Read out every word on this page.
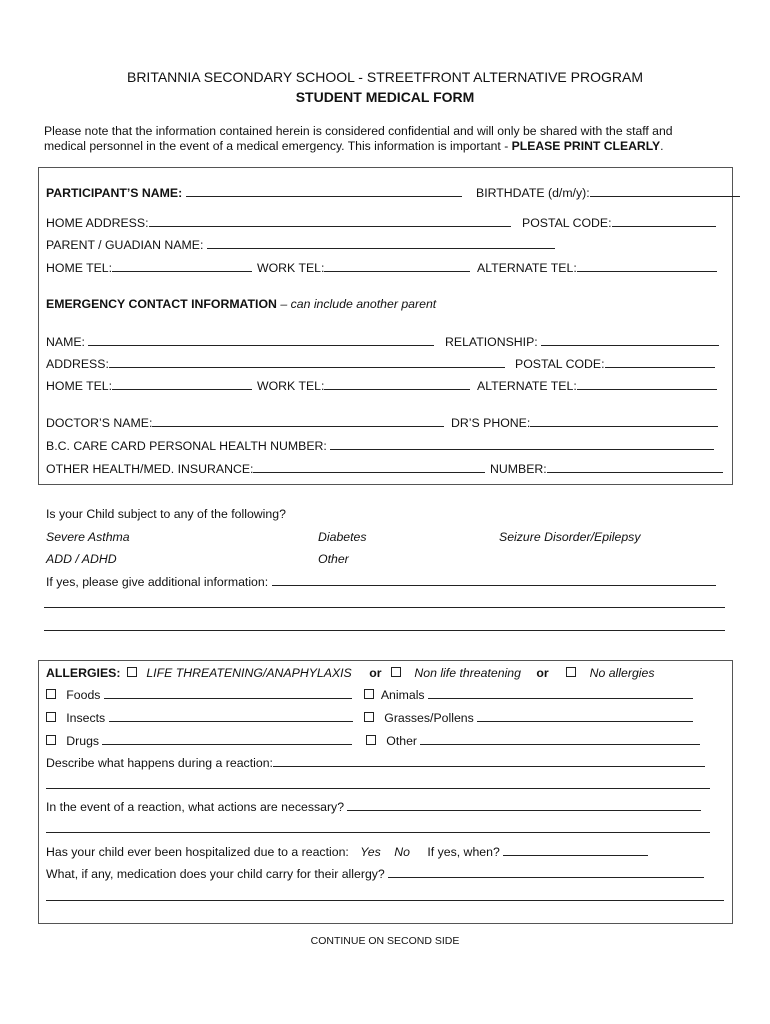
BRITANNIA SECONDARY SCHOOL - STREETFRONT ALTERNATIVE PROGRAM
STUDENT MEDICAL FORM
Please note that the information contained herein is considered confidential and will only be shared with the staff and
medical personnel in the event of a medical emergency. This information is important - PLEASE PRINT CLEARLY.
PARTICIPANT’S NAME:	BIRTHDATE (d/m/y):
HOME ADDRESS:	POSTAL CODE:
PARENT / GUADIAN NAME:
HOME TEL:	WORK TEL:	ALTERNATE TEL:
EMERGENCY CONTACT INFORMATION – can include another parent
NAME:	RELATIONSHIP:
ADDRESS:	POSTAL CODE:
HOME TEL:	WORK TEL:	ALTERNATE TEL:
DOCTOR’S NAME:	DR’S PHONE:
B.C. CARE CARD PERSONAL HEALTH NUMBER:
OTHER HEALTH/MED. INSURANCE:	NUMBER:
Is your Child subject to any of the following?
Severe Asthma	Diabetes	Seizure Disorder/Epilepsy
ADD / ADHD	Other
If yes, please give additional information:
ALLERGIES: LIFE THREATENING/ANAPHYLAXIS or	Non life threatening or	No allergies
Foods	Animals
Insects	Grasses/Pollens
Drugs	Other
Describe what happens during a reaction:
In the event of a reaction, what actions are necessary?
Has your child ever been hospitalized due to a reaction: Yes No If yes, when?
What, if any, medication does your child carry for their allergy?
CONTINUE ON SECOND SIDE
